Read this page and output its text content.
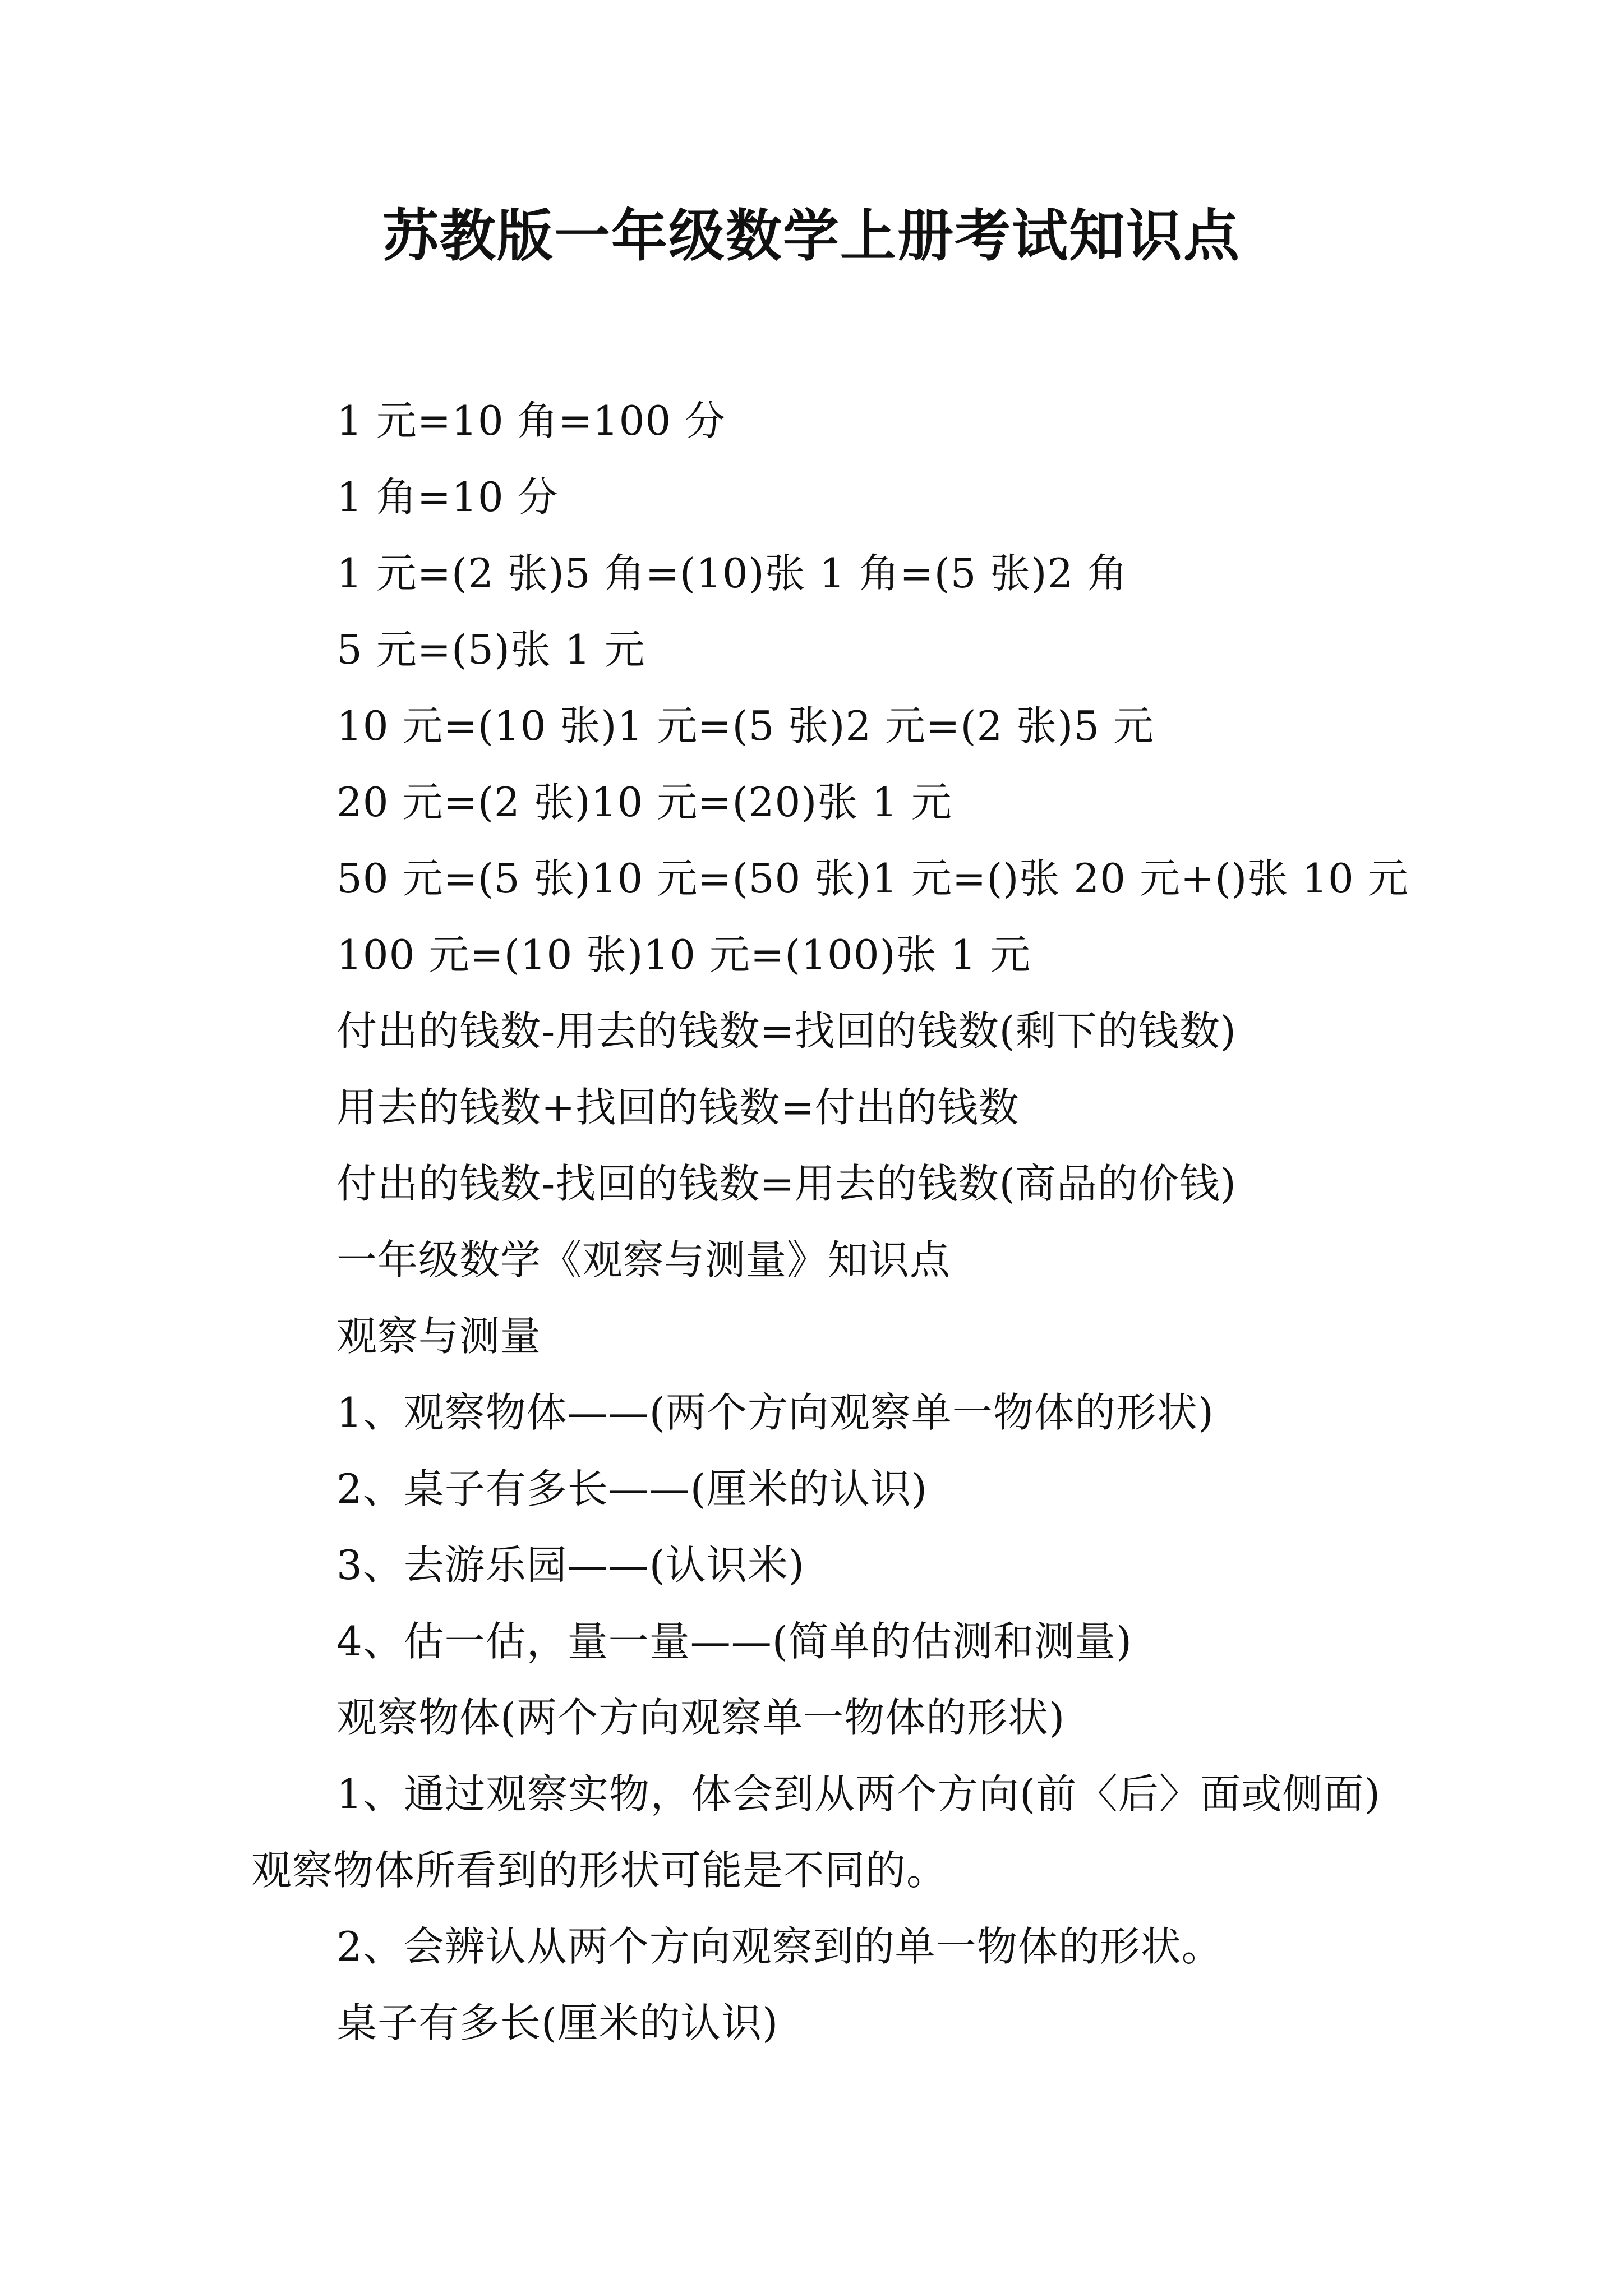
苏教版一年级数学上册考试知识点
1 元=10 角=100 分
1 角=10 分
1 元=(2 张)5 角=(10)张 1 角=(5 张)2 角
5 元=(5)张 1 元
10 元=(10 张)1 元=(5 张)2 元=(2 张)5 元
20 元=(2 张)10 元=(20)张 1 元
50 元=(5 张)10 元=(50 张)1 元=()张 20 元+()张 10 元
100 元=(10 张)10 元=(100)张 1 元
付出的钱数-用去的钱数=找回的钱数(剩下的钱数)
用去的钱数+找回的钱数=付出的钱数
付出的钱数-找回的钱数=用去的钱数(商品的价钱)
一年级数学《观察与测量》知识点
观察与测量
1、观察物体——(两个方向观察单一物体的形状)
2、桌子有多长——(厘米的认识)
3、去游乐园——(认识米)
4、估一估，量一量——(简单的估测和测量)
观察物体(两个方向观察单一物体的形状)
1、通过观察实物，体会到从两个方向(前〈后〉面或侧面)观察物体所看到的形状可能是不同的。
2、会辨认从两个方向观察到的单一物体的形状。
桌子有多长(厘米的认识)
